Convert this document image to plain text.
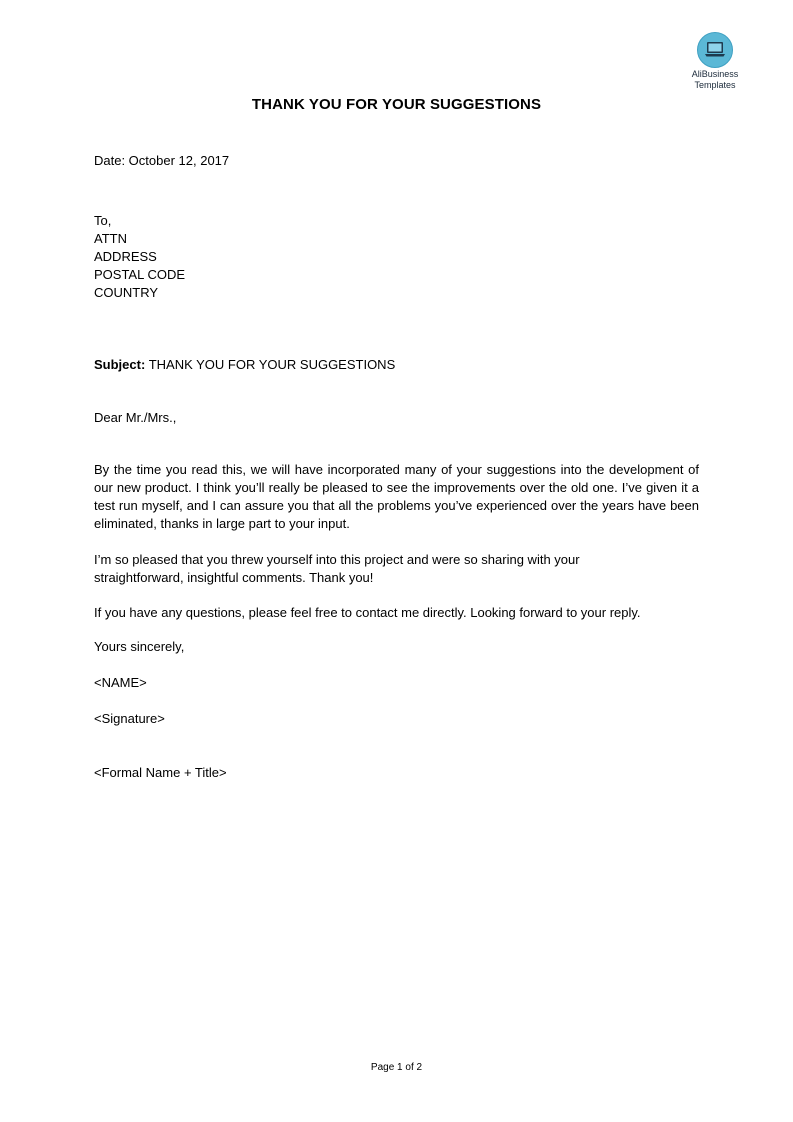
AliBusiness
Templates
THANK YOU FOR YOUR SUGGESTIONS
Date: October 12, 2017
To,
ATTN
ADDRESS
POSTAL CODE
COUNTRY
Subject: THANK YOU FOR YOUR SUGGESTIONS
Dear Mr./Mrs.,
By the time you read this, we will have incorporated many of your suggestions into the development of our new product. I think you’ll really be pleased to see the improvements over the old one. I’ve given it a test run myself, and I can assure you that all the problems you’ve experienced over the years have been eliminated, thanks in large part to your input.
I’m so pleased that you threw yourself into this project and were so sharing with your
straightforward, insightful comments. Thank you!
If you have any questions, please feel free to contact me directly. Looking forward to your reply.
Yours sincerely,
<NAME>
<Signature>
<Formal Name + Title>
Page 1 of 2
